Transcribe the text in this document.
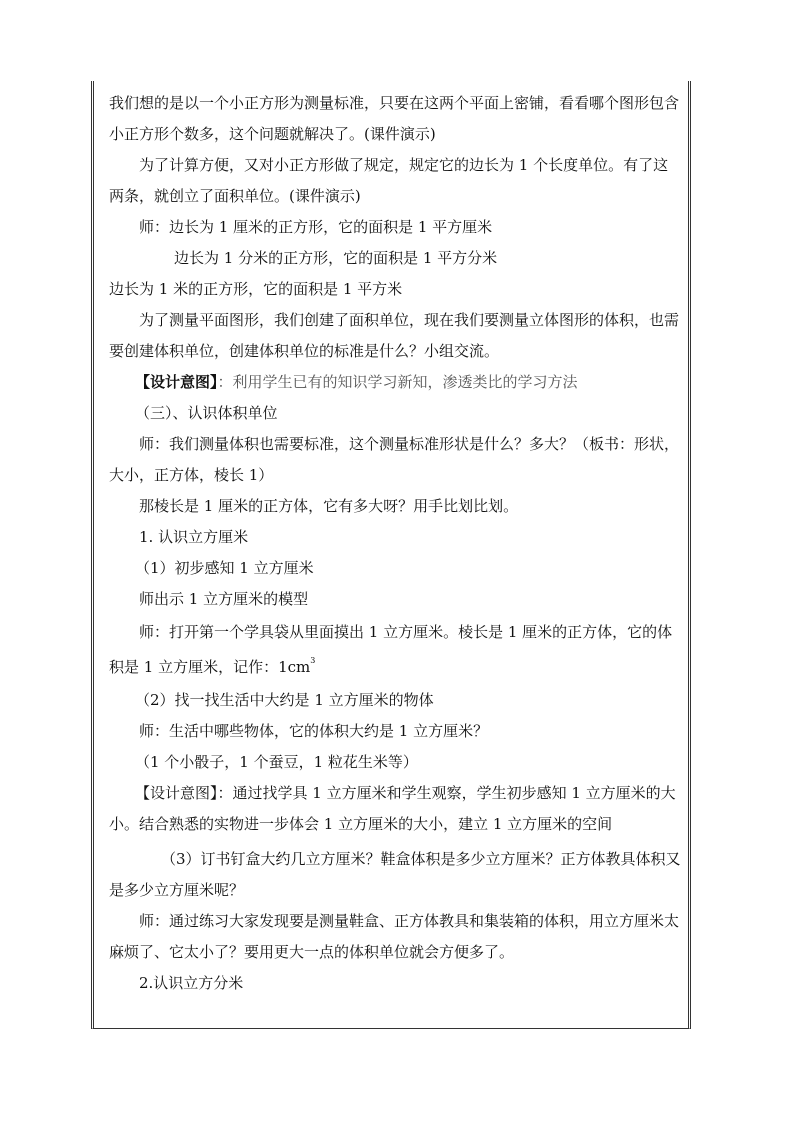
我们想的是以一个小正方形为测量标准，只要在这两个平面上密铺，看看哪个图形包含小正方形个数多，这个问题就解决了。(课件演示)

为了计算方便，又对小正方形做了规定，规定它的边长为 1 个长度单位。有了这两条，就创立了面积单位。(课件演示)

师：边长为 1 厘米的正方形，它的面积是 1 平方厘米

边长为 1 分米的正方形，它的面积是 1 平方分米

边长为 1 米的正方形，它的面积是 1 平方米

为了测量平面图形，我们创建了面积单位，现在我们要测量立体图形的体积，也需要创建体积单位，创建体积单位的标准是什么？小组交流。

【设计意图】：利用学生已有的知识学习新知，渗透类比的学习方法

（三）、认识体积单位

师：我们测量体积也需要标准，这个测量标准形状是什么？多大？（板书：形状，大小，正方体，棱长 1）

那棱长是 1 厘米的正方体，它有多大呀？用手比划比划。

1. 认识立方厘米

（1）初步感知 1 立方厘米

师出示 1 立方厘米的模型

师：打开第一个学具袋从里面摸出 1 立方厘米。棱长是 1 厘米的正方体，它的体积是 1 立方厘米，记作：$1cm^3$

（2）找一找生活中大约是 1 立方厘米的物体

师：生活中哪些物体，它的体积大约是 1 立方厘米？

（1 个小骰子，1 个蚕豆，1 粒花生米等）

【设计意图】：通过找学具 1 立方厘米和学生观察，学生初步感知 1 立方厘米的大小。结合熟悉的实物进一步体会 1 立方厘米的大小，建立 1 立方厘米的空间

（3）订书钉盒大约几立方厘米？鞋盒体积是多少立方厘米？正方体教具体积又是多少立方厘米呢？

师：通过练习大家发现要是测量鞋盒、正方体教具和集装箱的体积，用立方厘米太麻烦了、它太小了？要用更大一点的体积单位就会方便多了。

2.认识立方分米
